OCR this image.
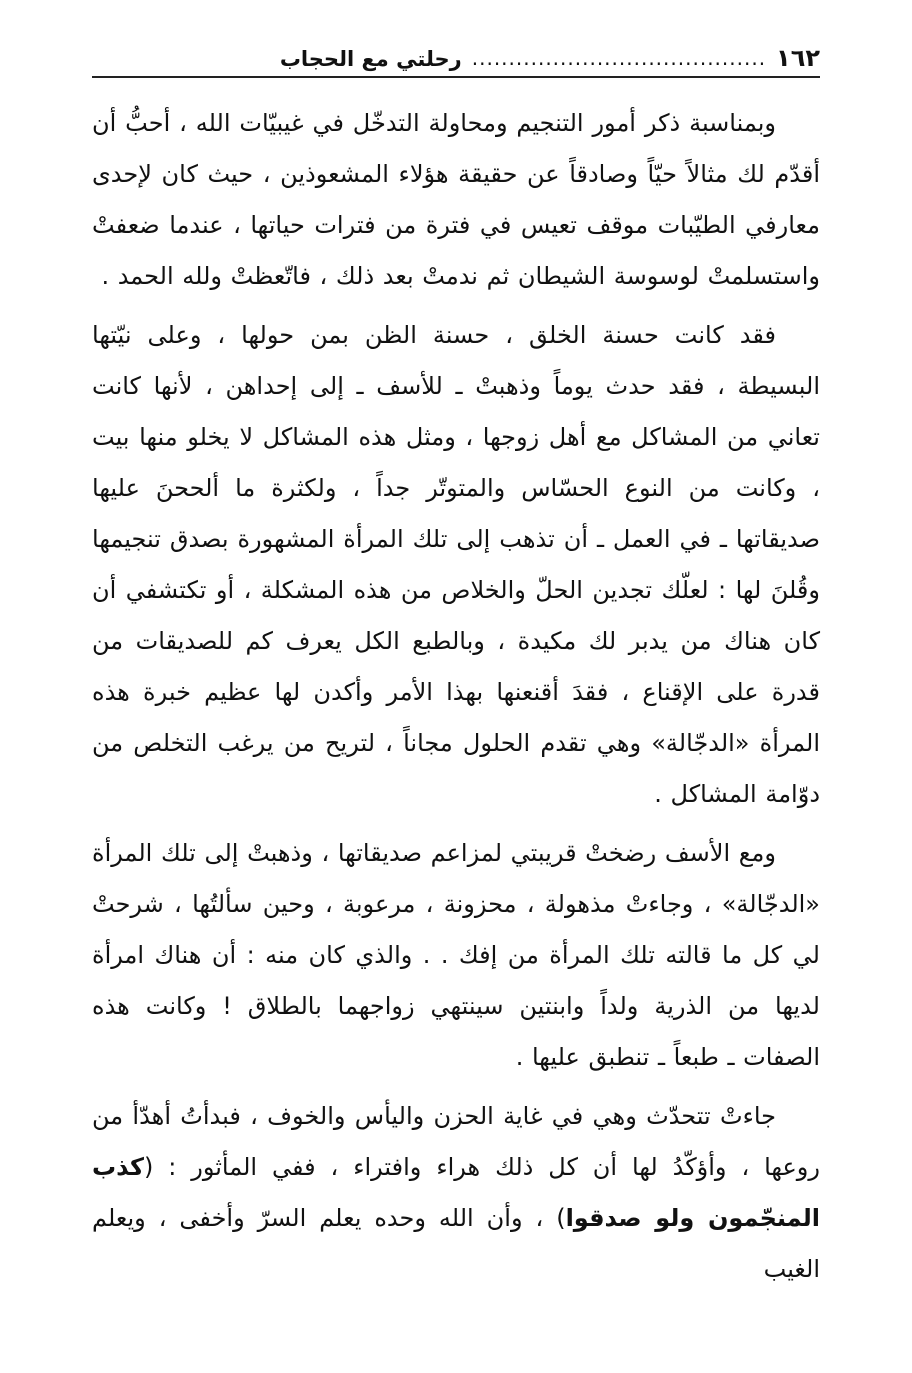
١٦٢
........................................
رحلتي مع الحجاب

وبمناسبة ذكر أمور التنجيم ومحاولة التدخّل في غيبيّات الله ، أحبُّ أن أقدّم لك مثالاً حيّاً وصادقاً عن حقيقة هؤلاء المشعوذين ، حيث كان لإحدى معارفي الطيّبات موقف تعيس في فترة من فترات حياتها ، عندما ضعفتْ واستسلمتْ لوسوسة الشيطان ثم ندمتْ بعد ذلك ، فاتّعظتْ ولله الحمد .

فقد كانت حسنة الخلق ، حسنة الظن بمن حولها ، وعلى نيّتها البسيطة ، فقد حدث يوماً وذهبتْ ـ للأسف ـ إلى إحداهن ، لأنها كانت تعاني من المشاكل مع أهل زوجها ، ومثل هذه المشاكل لا يخلو منها بيت ، وكانت من النوع الحسّاس والمتوتّر جداً ، ولكثرة ما ألححنَ عليها صديقاتها ـ في العمل ـ أن تذهب إلى تلك المرأة المشهورة بصدق تنجيمها وقُلنَ لها : لعلّك تجدين الحلّ والخلاص من هذه المشكلة ، أو تكتشفي أن كان هناك من يدبر لك مكيدة ، وبالطبع الكل يعرف كم للصديقات من قدرة على الإقناع ، فقدَ أقنعنها بهذا الأمر وأكدن لها عظيم خبرة هذه المرأة «الدجّالة» وهي تقدم الحلول مجاناً ، لتريح من يرغب التخلص من دوّامة المشاكل .

ومع الأسف رضختْ قريبتي لمزاعم صديقاتها ، وذهبتْ إلى تلك المرأة «الدجّالة» ، وجاءتْ مذهولة ، محزونة ، مرعوبة ، وحين سألتُها ، شرحتْ لي كل ما قالته تلك المرأة من إفك . . والذي كان منه : أن هناك امرأة لديها من الذرية ولداً وابنتين سينتهي زواجهما بالطلاق ! وكانت هذه الصفات ـ طبعاً ـ تنطبق عليها .

جاءتْ تتحدّث وهي في غاية الحزن واليأس والخوف ، فبدأتُ أهدّأ من روعها ، وأؤكّدُ لها أن كل ذلك هراء وافتراء ، ففي المأثور : (كذب المنجّمون ولو صدقوا) ، وأن الله وحده يعلم السرّ وأخفى ، ويعلم الغيب
